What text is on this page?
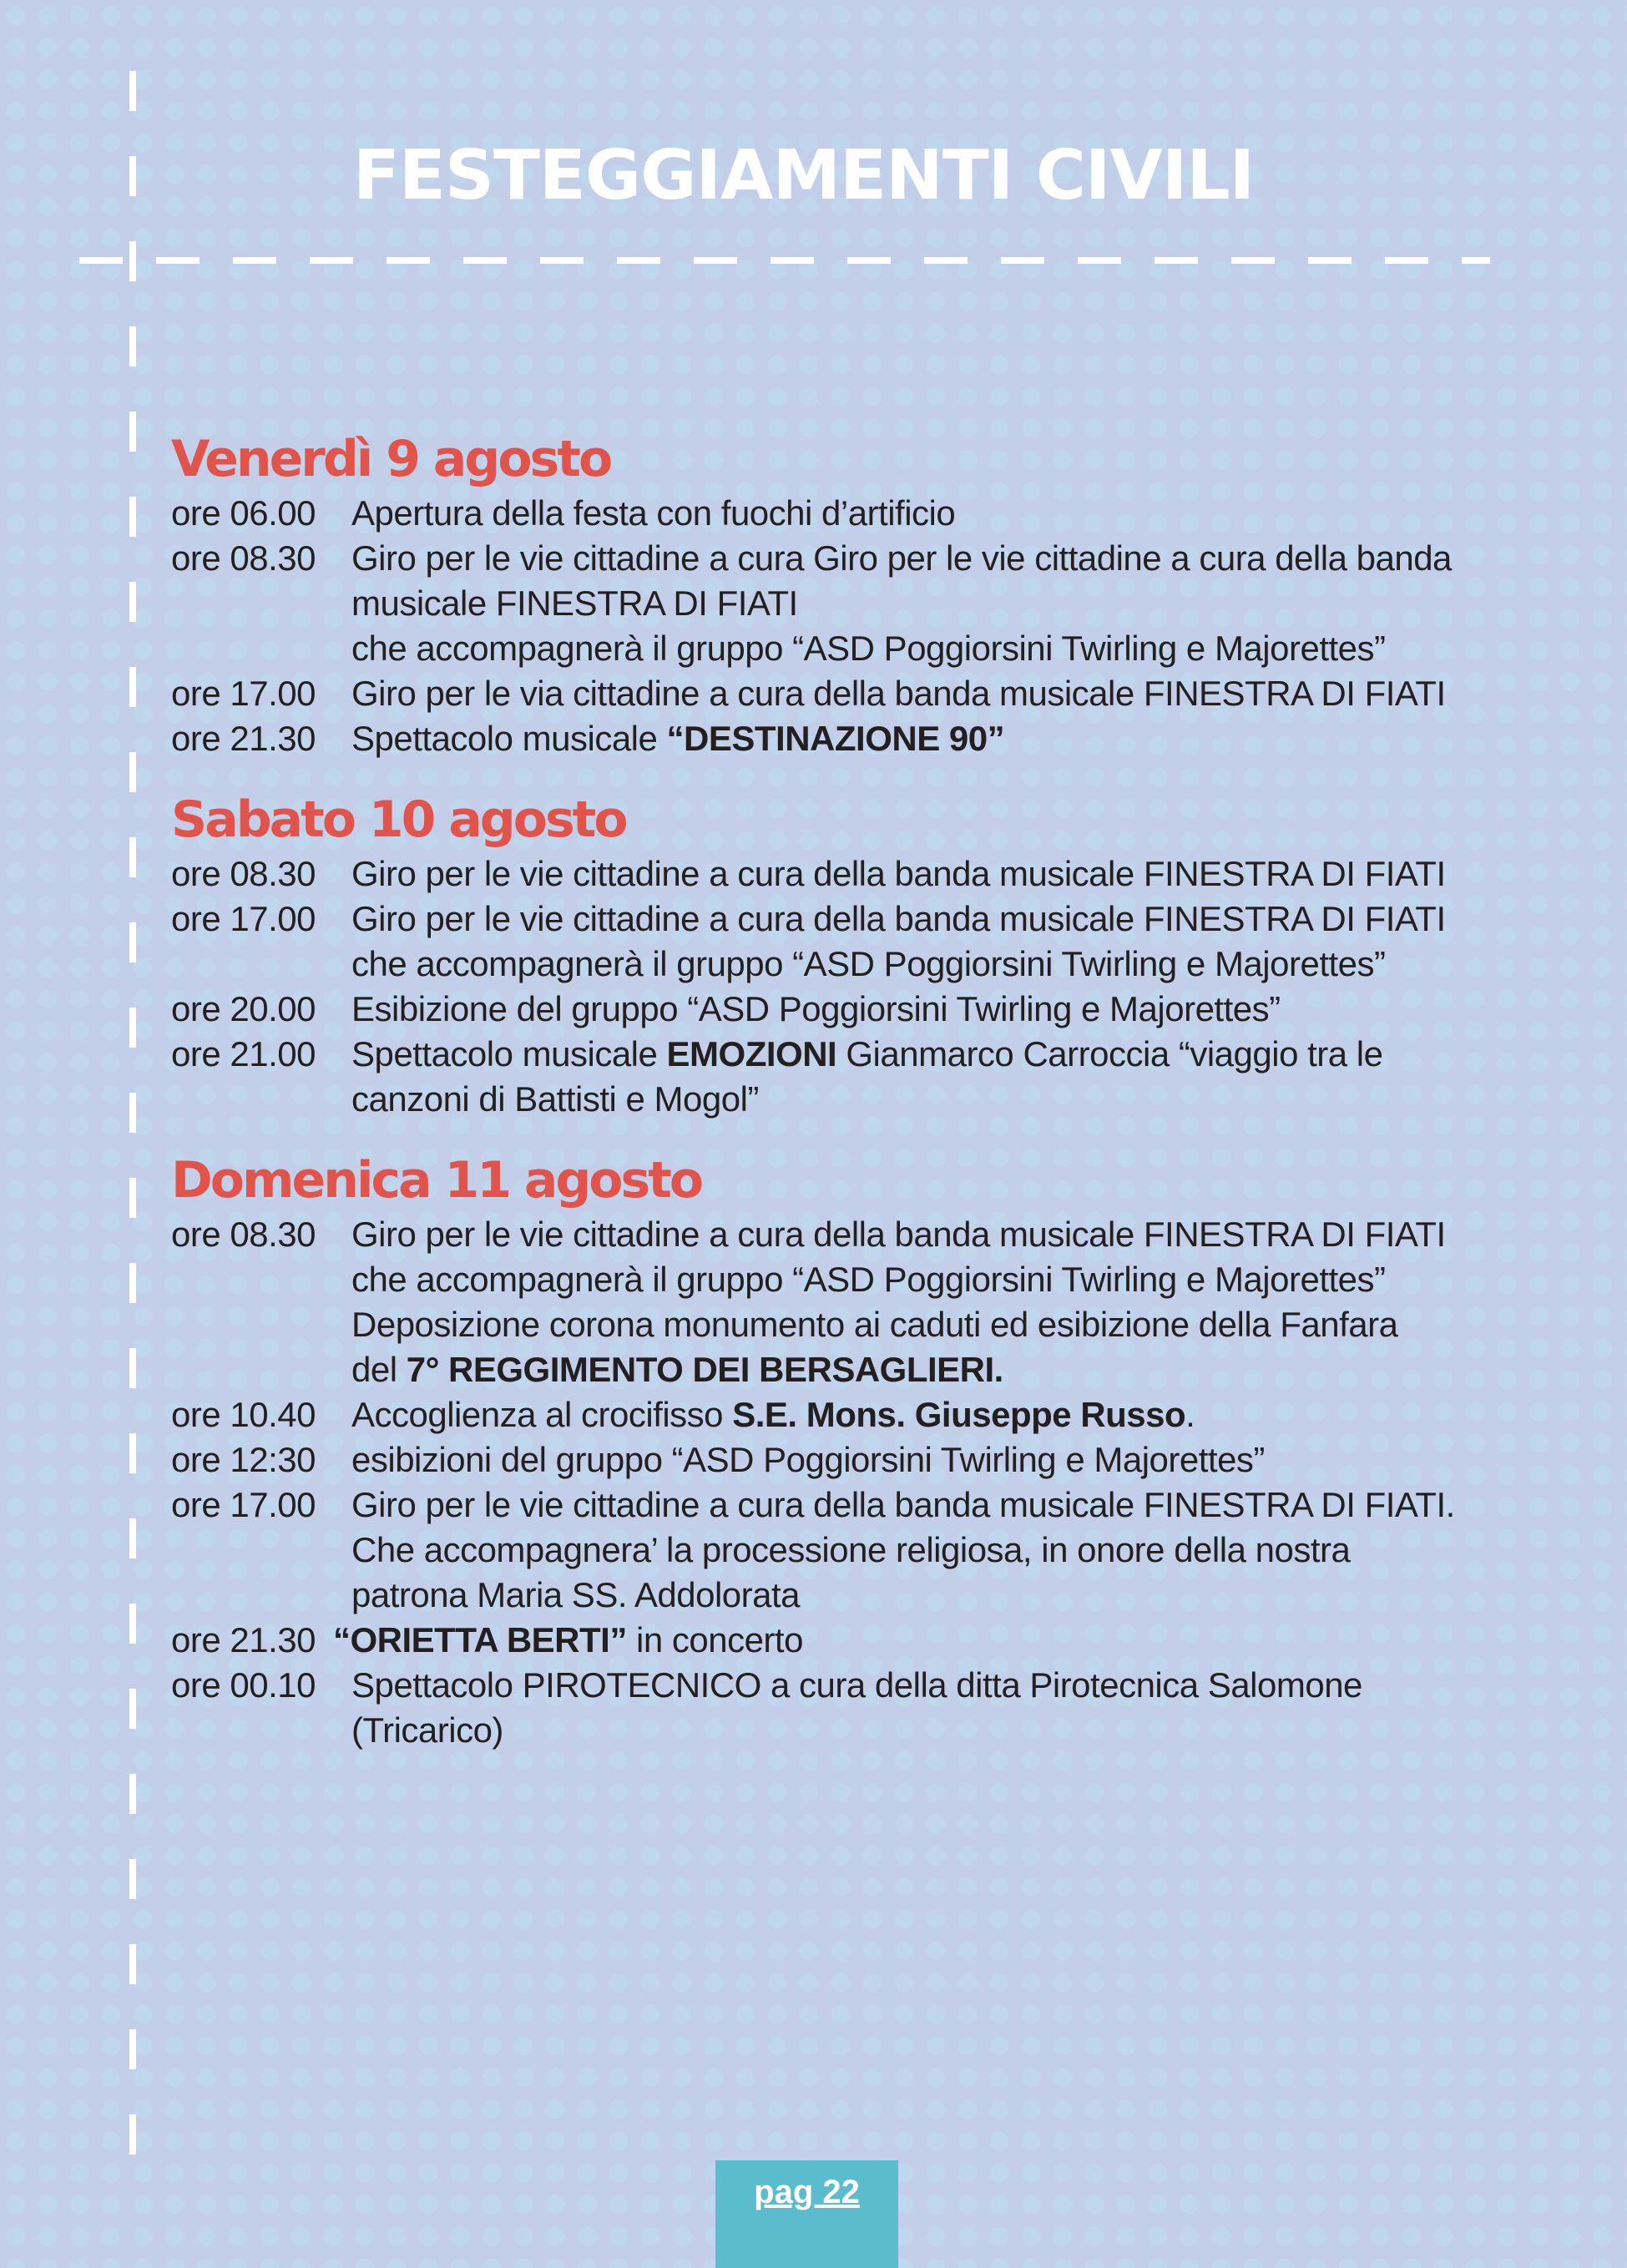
FESTEGGIAMENTI CIVILI
Venerdì 9 agosto
ore 06.00	Apertura della festa con fuochi d’artificio
ore 08.30	Giro per le vie cittadine a cura Giro per le vie cittadine a cura della banda
musicale FINESTRA DI FIATI
che accompagnerà il gruppo “ASD Poggiorsini Twirling e Majorettes”
ore 17.00	Giro per le via cittadine a cura della banda musicale FINESTRA DI FIATI
ore 21.30	Spettacolo musicale “DESTINAZIONE 90”
Sabato 10 agosto
ore 08.30	Giro per le vie cittadine a cura della banda musicale FINESTRA DI FIATI
ore 17.00	Giro per le vie cittadine a cura della banda musicale FINESTRA DI FIATI
che accompagnerà il gruppo “ASD Poggiorsini Twirling e Majorettes”
ore 20.00	Esibizione del gruppo “ASD Poggiorsini Twirling e Majorettes”
ore 21.00	Spettacolo musicale EMOZIONI Gianmarco Carroccia “viaggio tra le
canzoni di Battisti e Mogol”
Domenica 11 agosto
ore 08.30	Giro per le vie cittadine a cura della banda musicale FINESTRA DI FIATI
che accompagnerà il gruppo “ASD Poggiorsini Twirling e Majorettes”
Deposizione corona monumento ai caduti ed esibizione della Fanfara
del 7° REGGIMENTO DEI BERSAGLIERI.
ore 10.40	Accoglienza al crocifisso S.E. Mons. Giuseppe Russo.
ore 12:30	esibizioni del gruppo “ASD Poggiorsini Twirling e Majorettes”
ore 17.00	Giro per le vie cittadine a cura della banda musicale FINESTRA DI FIATI.
Che accompagnera’ la processione religiosa, in onore della nostra
patrona Maria SS. Addolorata
ore 21.30 “ORIETTA BERTI” in concerto
ore 00.10	Spettacolo PIROTECNICO a cura della ditta Pirotecnica Salomone
(Tricarico)
pag 22
